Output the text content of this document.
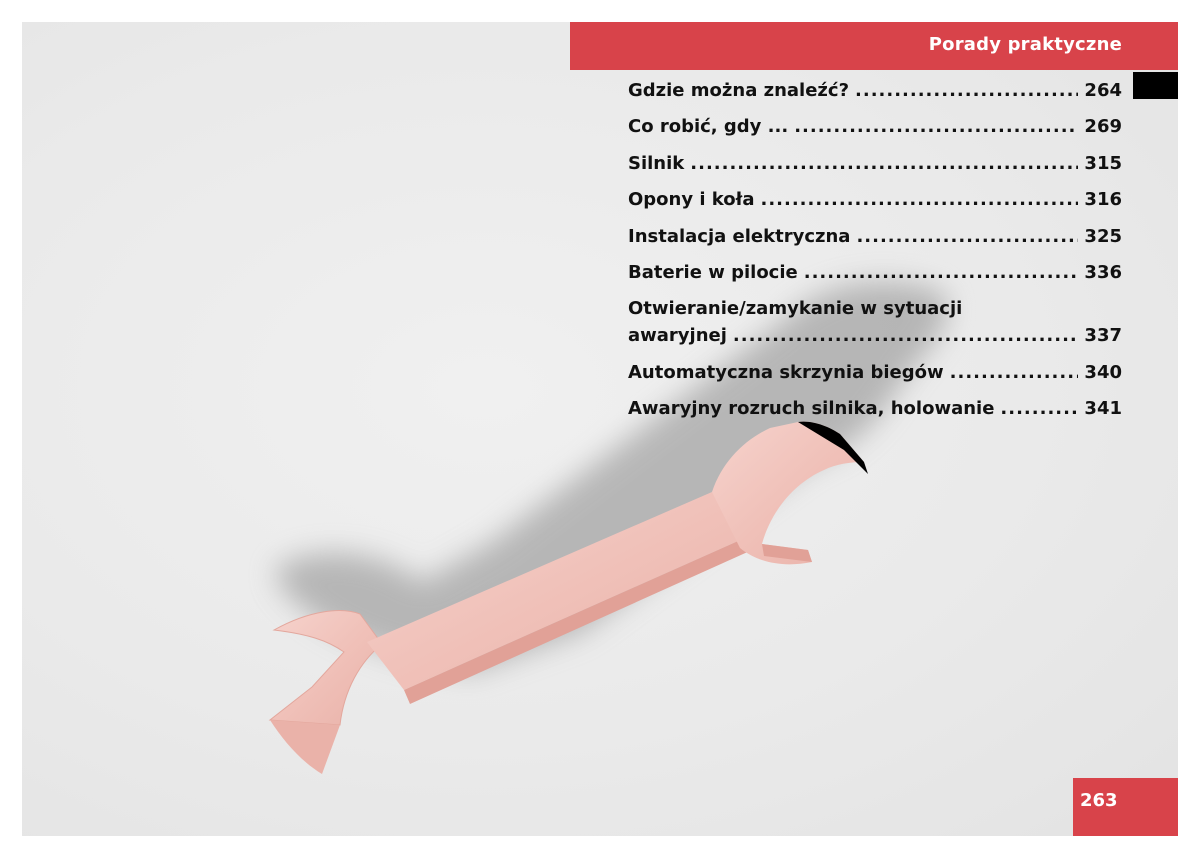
Porady praktyczne
Gdzie można znaleźć? .....	264
Co robić, gdy ... .....	269
Silnik .....	315
Opony i koła .....	316
Instalacja elektryczna .....	325
Baterie w pilocie .....	336
Otwieranie/zamykanie w sytuacji
awaryjnej .....	337
Automatyczna skrzynia biegów .....	340
Awaryjny rozruch silnika, holowanie .....	341
263
